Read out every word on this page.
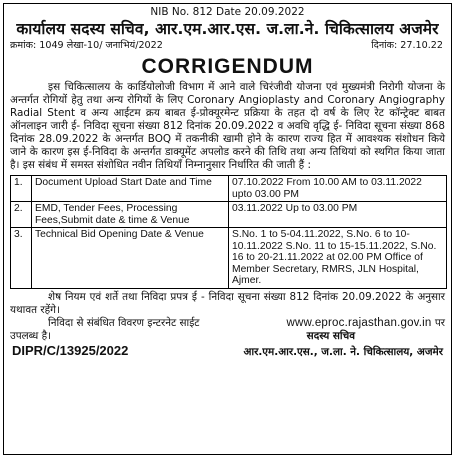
NIB No. 812 Date 20.09.2022
कार्यालय सदस्य सचिव, आर.एम.आर.एस. ज.ला.ने. चिकित्सालय अजमेर
क्रमांक: 1049 लेखा-10/ जनाभियं/2022	दिनांक: 27.10.22
CORRIGENDUM

इस चिकित्सालय के कार्डियोलोजी विभाग में आने वाले चिरंजीवी योजना एवं मुख्यमंत्री निरोगी योजना के अन्तर्गत रोगियों हेतु तथा अन्य रोगियों के लिए Coronary Angioplasty and Coronary Angiography Radial Stent व अन्य आईटम क्रय बाबत ई-प्रोक्यूरमेन्ट प्रक्रिया के तहत दो वर्ष के लिए रेट कॉन्ट्रेक्ट बाबत ऑनलाइन जारी ई- निविदा सूचना संख्या 812 दिनांक 20.09.2022 व अवधि वृद्धि ई- निविदा सूचना संख्या 868 दिनांक 28.09.2022 के अन्तर्गत BOQ में तकनीकी खामी होने के कारण राज्य हित में आवश्यक संशोधन किये जाने के कारण इस ई-निविदा के अन्तर्गत डाक्यूमेंट अपलोड करने की तिथि तथा अन्य तिथियां को स्थगित किया जाता है। इस संबंध में समस्त संशोधित नवीन तिथियाँ निम्नानुसार निर्धारित की जाती हैं :

1.	Document Upload Start Date and Time	07.10.2022 From 10.00 AM to 03.11.2022 upto 03.00 PM
2.	EMD, Tender Fees, Processing Fees,Submit date & time & Venue	03.11.2022 Up to 03.00 PM
3.	Technical Bid Opening Date & Venue	S.No. 1 to 5-04.11.2022, S.No. 6 to 10-10.11.2022 S.No. 11 to 15-15.11.2022, S.No. 16 to 20-21.11.2022 at 02.00 PM Office of Member Secretary, RMRS, JLN Hospital, Ajmer.

शेष नियम एवं शर्ते तथा निविदा प्रपत्र ई - निविदा सूचना संख्या 812 दिनांक 20.09.2022 के अनुसार यथावत रहेंगे।

निविदा से संबंधित विवरण इन्टरनेट साईट	www.eproc.rajasthan.gov.in पर
उपलब्ध है।	सदस्य सचिव
DIPR/C/13925/2022	आर.एम.आर.एस., ज.ला. ने. चिकित्सालय, अजमेर
